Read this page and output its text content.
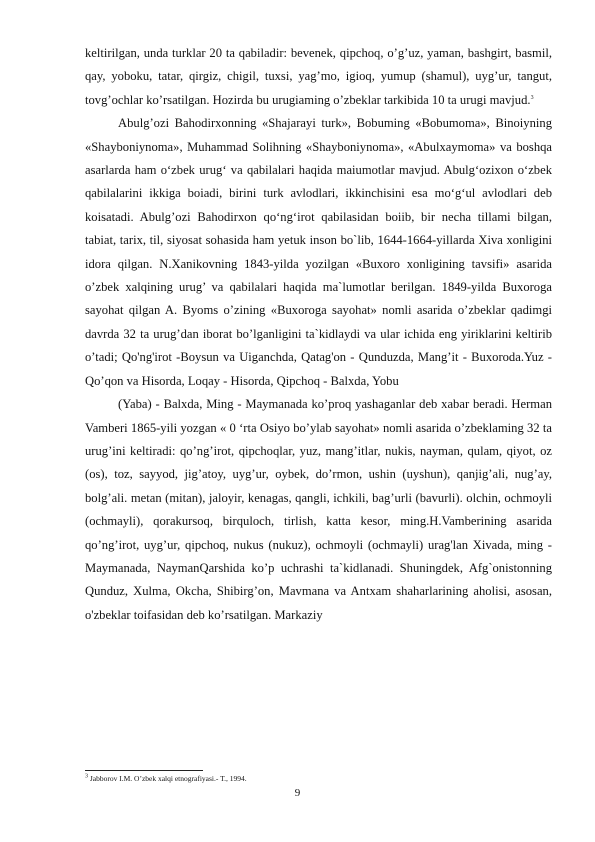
keltirilgan, unda turklar 20 ta qabiladir: bevenek, qipchoq, o’g’uz, yaman, bashgirt, basmil, qay, yoboku, tatar, qirgiz, chigil, tuxsi, yag’mo, igioq, yumup (shamul), uyg’ur, tangut, tovg’ochlar ko’rsatilgan. Hozirda bu urugiaming o’zbeklar tarkibida 10 ta urugi mavjud.$^3$

Abulg’ozi Bahodirxonning «Shajarayi turk», Bobuming «Bobumoma», Binoiyning «Shayboniynoma», Muhammad Solihning «Shayboniynoma», «Abulxaymoma» va boshqa asarlarda ham o‘zbek urug‘ va qabilalari haqida maiumotlar mavjud. Abulg‘ozixon o‘zbek qabilalarini ikkiga boiadi, birini turk avlodlari, ikkinchisini esa mo‘g‘ul avlodlari deb koisatadi. Abulg’ozi Bahodirxon qo‘ng‘irot qabilasidan boiib, bir necha tillami bilgan, tabiat, tarix, til, siyosat sohasida ham yetuk inson bo`lib, 1644-1664-yillarda Xiva xonligini idora qilgan. N.Xanikovning 1843-yilda yozilgan «Buxoro xonligining tavsifi» asarida o’zbek xalqining urug’ va qabilalari haqida ma`lumotlar berilgan. 1849-yilda Buxoroga sayohat qilgan A. Byoms o’zining «Buxoroga sayohat» nomli asarida o’zbeklar qadimgi davrda 32 ta urug’dan iborat bo’lganligini ta`kidlaydi va ular ichida eng yiriklarini keltirib o’tadi; Qo'ng'irot -Boysun va Uiganchda, Qatag'on - Qunduzda, Mang’it - Buxoroda.Yuz - Qo’qon va Hisorda, Loqay - Hisorda, Qipchoq - Balxda, Yobu

(Yaba) - Balxda, Ming - Maymanada ko’proq yashaganlar deb xabar beradi. Herman Vamberi 1865-yili yozgan « 0 ‘rta Osiyo bo’ylab sayohat» nomli asarida o’zbeklaming 32 ta urug’ini keltiradi: qo’ng’irot, qipchoqlar, yuz, mang’itlar, nukis, nayman, qulam, qiyot, oz (os), toz, sayyod, jig’atoy, uyg’ur, oybek, do’rmon, ushin (uyshun), qanjig’ali, nug’ay, bolg’ali. metan (mitan), jaloyir, kenagas, qangli, ichkili, bag’urli (bavurli). olchin, ochmoyli (ochmayli), qorakursoq, birquloch, tirlish, katta kesor, ming.H.Vamberining asarida qo’ng’irot, uyg’ur, qipchoq, nukus (nukuz), ochmoyli (ochmayli) urag'lan Xivada, ming - Maymanada, NaymanQarshida ko’p uchrashi ta`kidlanadi. Shuningdek, Afg`onistonning Qunduz, Xulma, Okcha, Shibirg’on, Mavmana va Antxam shaharlarining aholisi, asosan, o'zbeklar toifasidan deb ko’rsatilgan. Markaziy

$^3$ Jabborov I.M. O’zbek xalqi etnografiyasi.- T., 1994.
9
